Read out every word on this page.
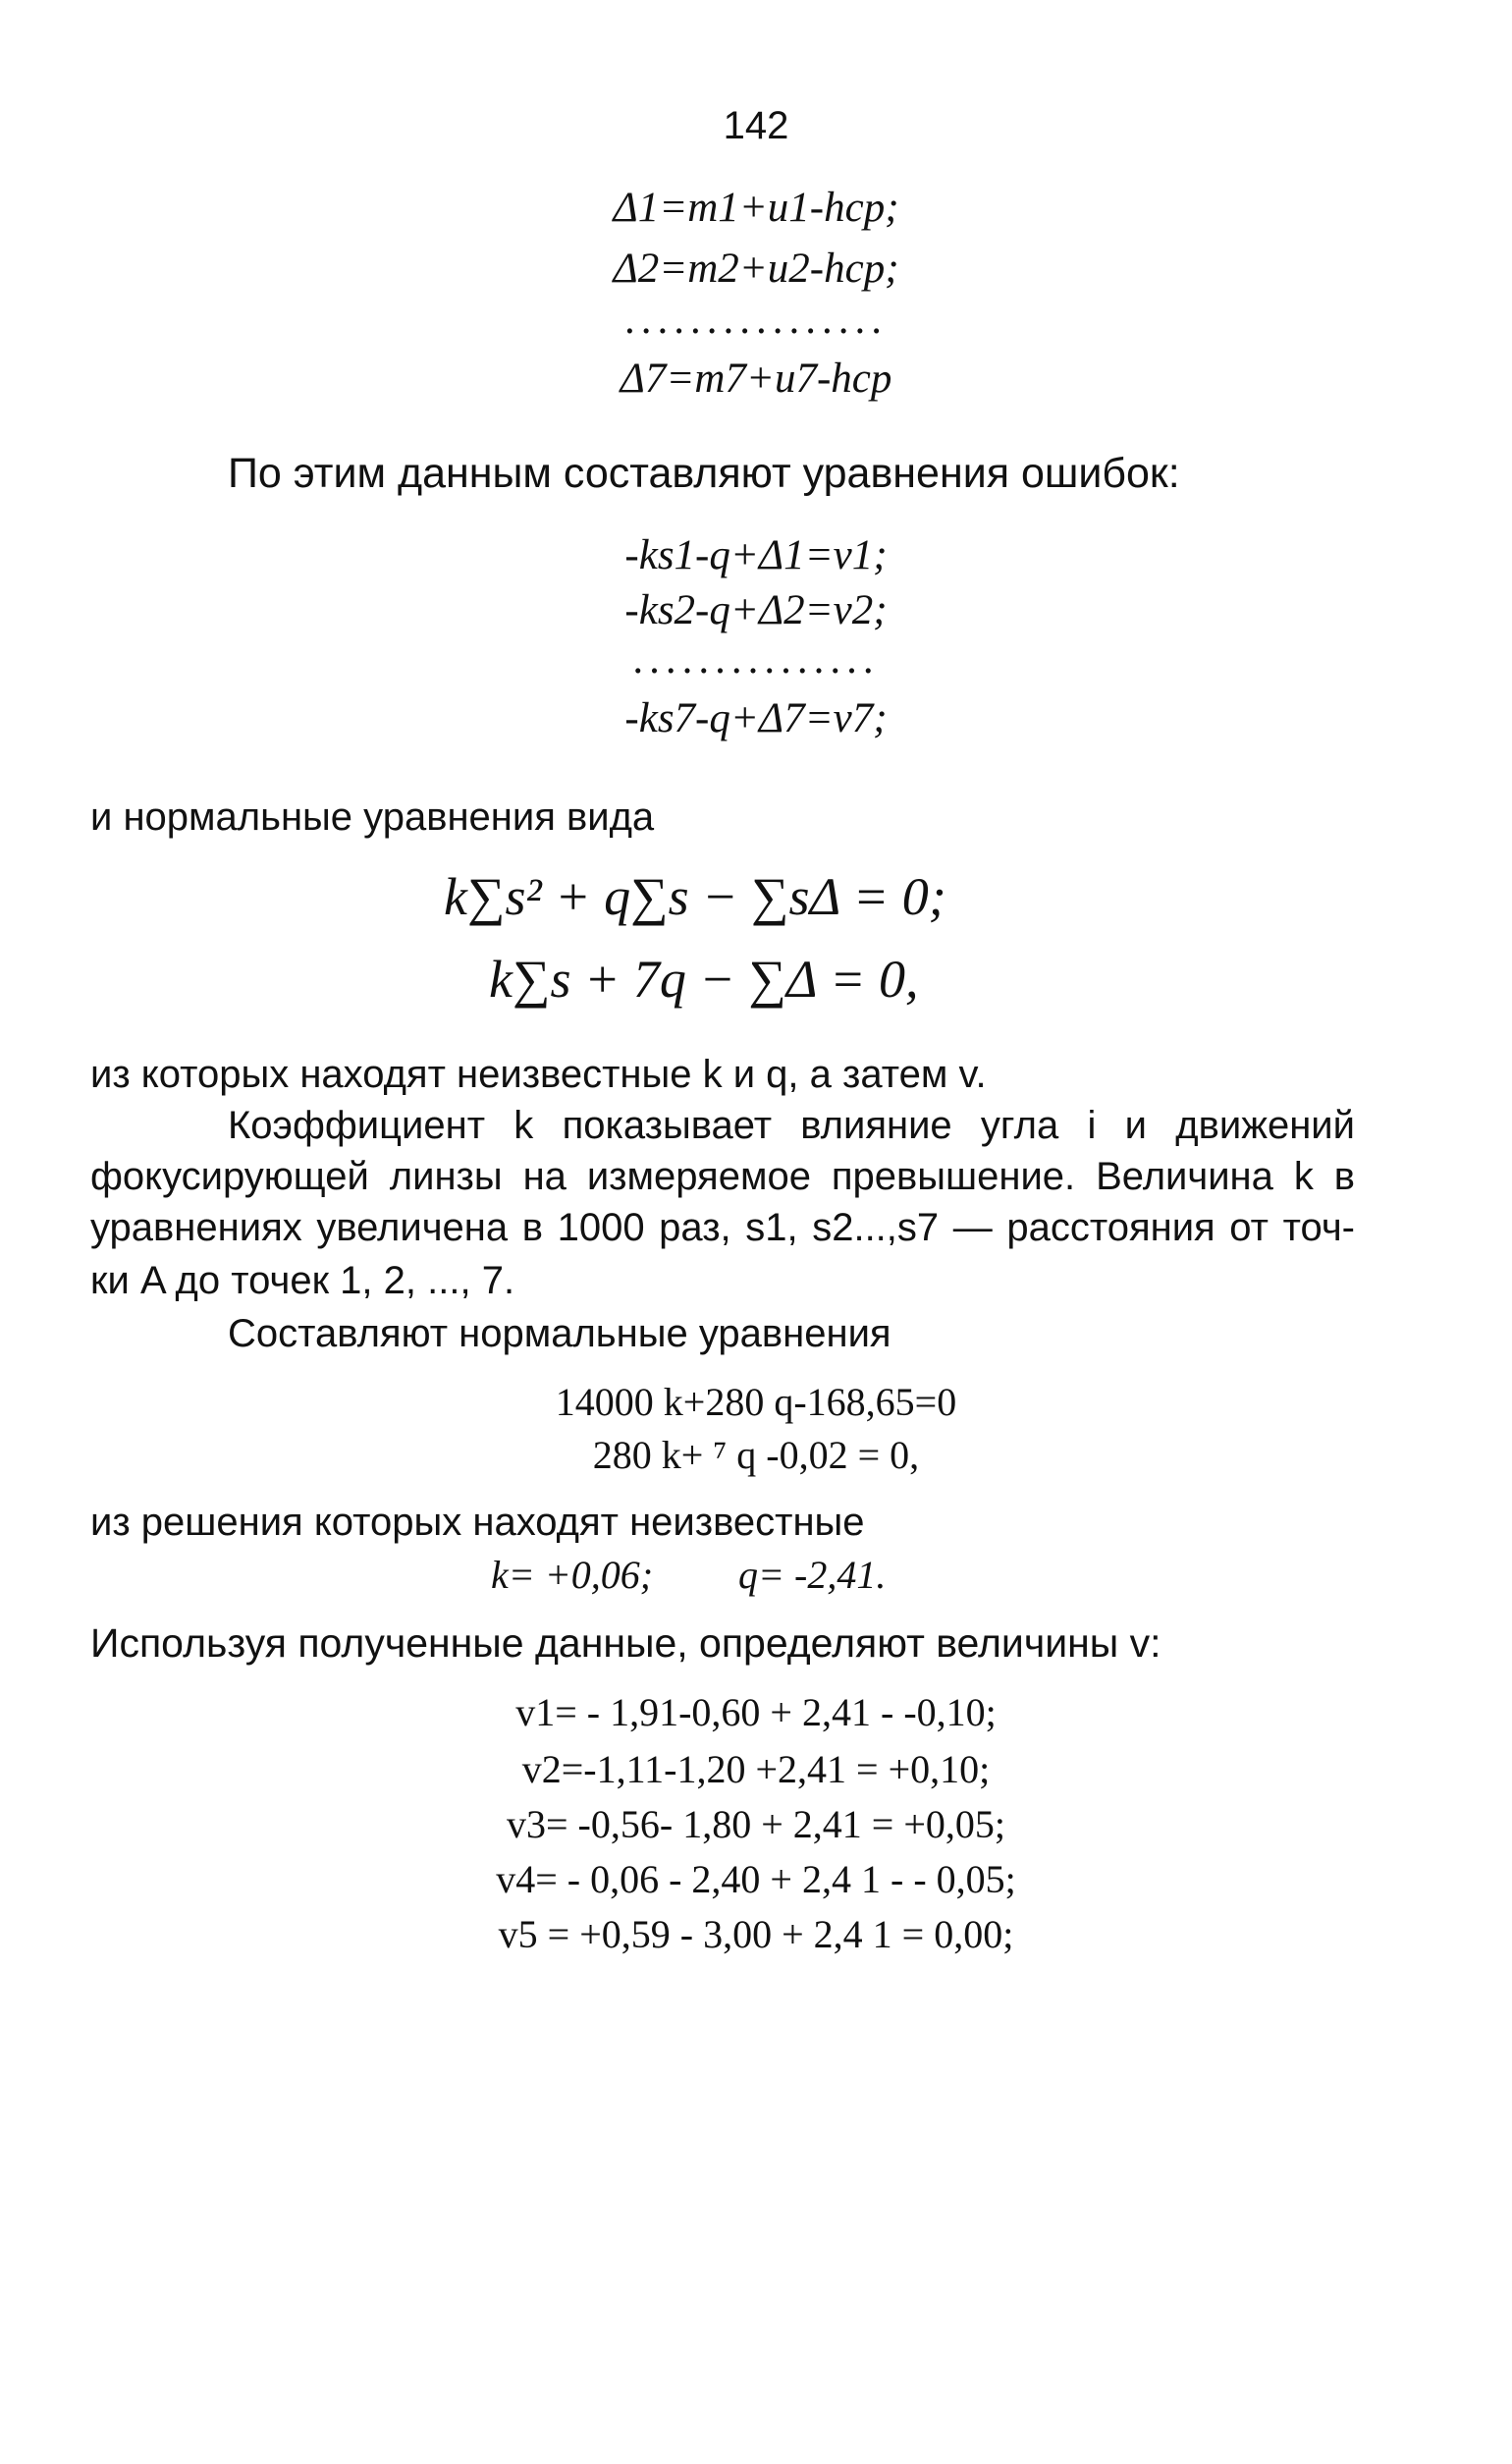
142
Δ1=m1+u1-hcp;
Δ2=m2+u2-hcp;
................
Δ7=m7+u7-hcp
По этим данным составляют уравнения ошибок:
-ks1-q+Δ1=v1;
-ks2-q+Δ2=v2;
...............
-ks7-q+Δ7=v7;
и нормальные уравнения вида
k∑s² + q∑s − ∑sΔ = 0;
k∑s + 7q − ∑Δ = 0,
из которых находят неизвестные k и q, а затем v.
Коэффициент k показывает влияние угла i и движений
фокусирующей линзы на измеряемое превышение. Величина k в
уравнениях увеличена в 1000 раз, s1, s2...,s7 — расстояния от точ-
ки A до точек 1, 2, ..., 7.
Составляют нормальные уравнения
14000 k+280 q-168,65=0
280 k+ ⁷ q -0,02 = 0,
из решения которых находят неизвестные
k= +0,06; q= -2,41.
Используя полученные данные, определяют величины v:
v1= - 1,91-0,60 + 2,41 - -0,10;
v2=-1,11-1,20 +2,41 = +0,10;
v3= -0,56- 1,80 + 2,41 = +0,05;
v4= - 0,06 - 2,40 + 2,4 1 - - 0,05;
v5 = +0,59 - 3,00 + 2,4 1 = 0,00;
